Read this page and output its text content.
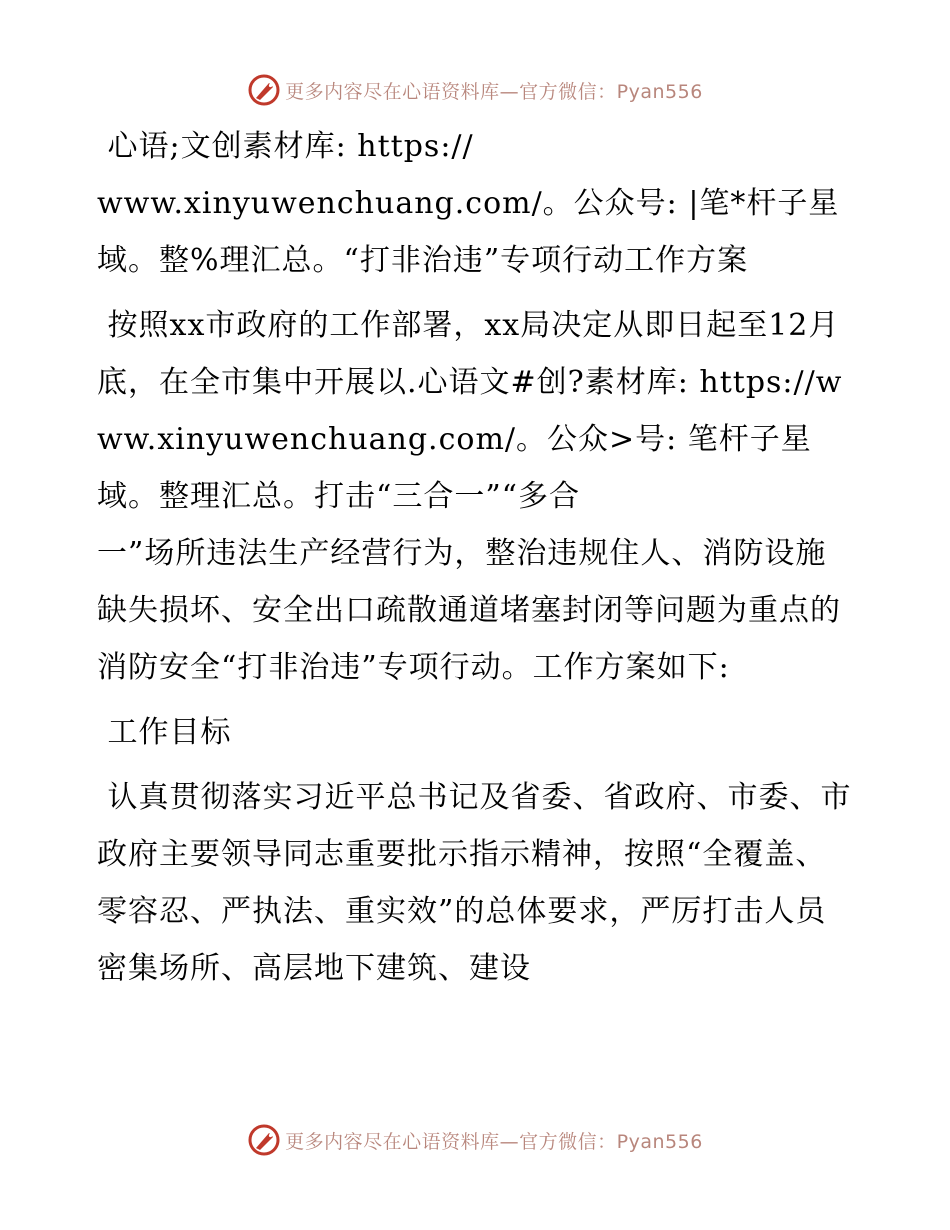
更多内容尽在心语资料库—官方微信：Pyan556

心语;文创素材库: https://
www.xinyuwenchuang.com/。公众号: |笔*杆子星域。整%理汇总。“打非治违”专项行动工作方案

按照xx市政府的工作部署，xx局决定从即日起至12月底，在全市集中开展以.心语文#创?素材库: https://www.xinyuwenchuang.com/。公众>号: 笔杆子星域。整理汇总。打击“三合一”“多合
一”场所违法生产经营行为，整治违规住人、消防设施缺失损坏、安全出口疏散通道堵塞封闭等问题为重点的消防安全“打非治违”专项行动。工作方案如下:

工作目标

认真贯彻落实习近平总书记及省委、省政府、市委、市政府主要领导同志重要批示指示精神，按照“全覆盖、零容忍、严执法、重实效”的总体要求，严厉打击人员密集场所、高层地下建筑、建设

更多内容尽在心语资料库—官方微信：Pyan556
